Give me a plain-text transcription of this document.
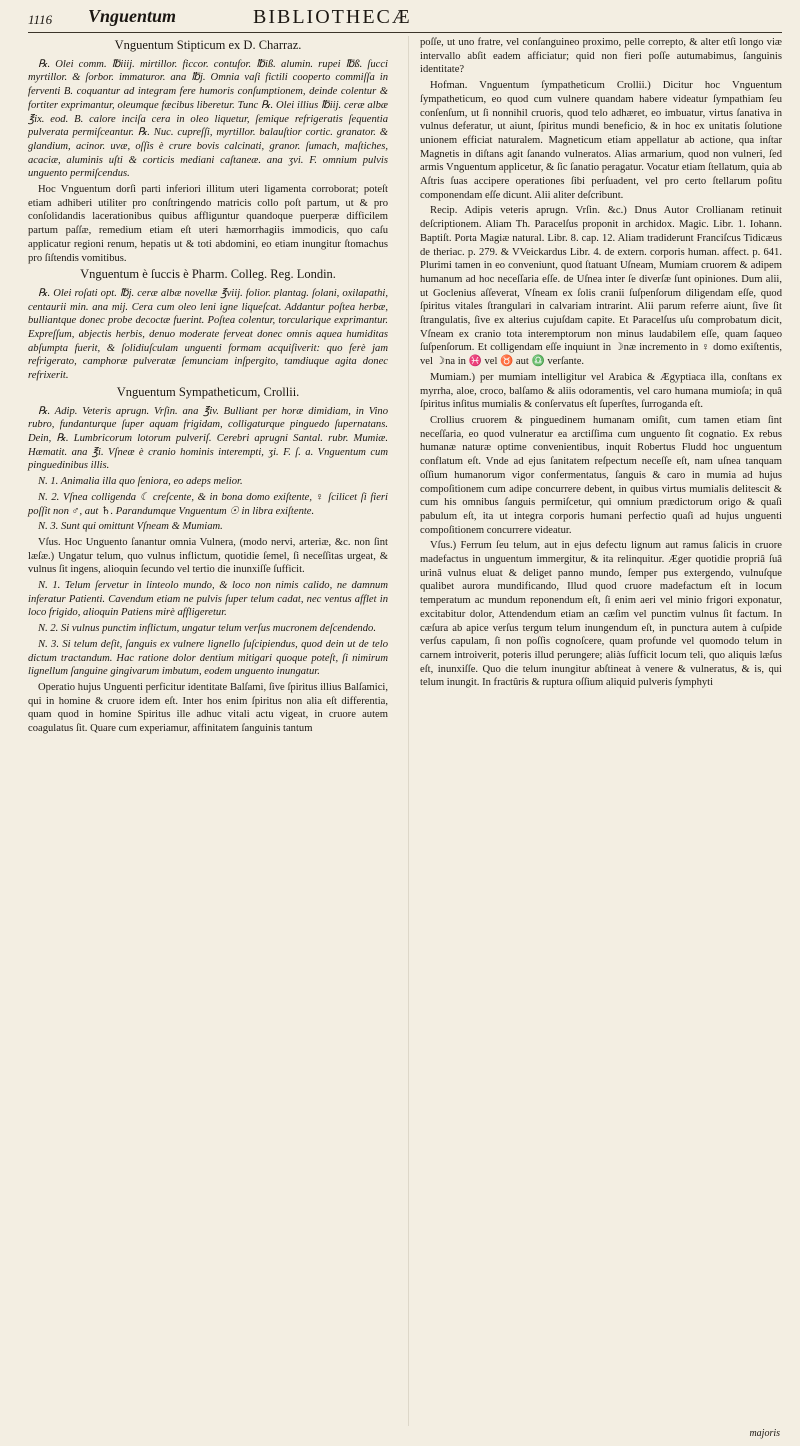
1116 Vnguentum	BIBLIOTHECÆ
Vnguentum Stipticum ex D. Charraz.

℞. Olei comm. ℔iiij. mirtillor. ficcor. contufor. ℔iß. alumin. rupei ℔ß. ſucci myrtillor. & ſorbor. immaturor. ana ℔j. Omnia vaſi fictili cooperto commiſſa in ferventi B. coquantur ad integram fere humoris conſumptionem, deinde colentur & fortiter exprimantur, oleumque fæcibus liberetur. Tunc ℞. Olei illius ℔iij. ceræ albæ ℥ix. eod. B. calore inciſa cera in oleo liquetur, ſemique refrigeratis ſequentia pulverata permiſceantur. ℞. Nuc. cupreſſi, myrtillor. balauſtior cortic. granator. & glandium, acinor. uvæ, oſſis è crure bovis calcinati, granor. ſumach, maſtiches, acaciæ, aluminis uſti & corticis mediani caſtaneæ. ana ʒvi. F. omnium pulvis unguento permiſcendus.

Hoc Vnguentum dorſi parti inferiori illitum uteri ligamenta corroborat; poteſt etiam adhiberi utiliter pro conſtringendo matricis collo poſt partum, ut & pro conſolidandis lacerationibus quibus affliguntur quandoque puerperæ difficilem partum paſſæ, remedium etiam eſt uteri hæmorrhagiis immodicis, quo caſu applicatur regioni renum, hepatis ut & toti abdomini, eo etiam inungitur ſtomachus pro ſiſtendis vomitibus.

Vnguentum è ſuccis è Pharm. Colleg. Reg. Londin.

℞. Olei roſati opt. ℔j. ceræ albæ novellæ ℥viij. folior. plantag. ſolani, oxilapathi, centaurii min. ana mij. Cera cum oleo leni igne liqueſcat. Addantur poſtea herbæ, bulliantque donec probe decoctæ fuerint. Poſtea colentur, torcularique exprimantur. Expreſſum, abjectis herbis, denuo moderate ferveat donec omnis aquea humiditas abſumpta fuerit, & ſolidiuſculam unguenti formam acquiſiverit: quo ferè jam refrigerato, camphoræ pulveratæ ſemunciam inſpergito, tamdiuque agita donec refrixerit.

Vnguentum Sympatheticum, Crollii.

℞. Adip. Veteris aprugn. Vrſin. ana ℥iv. Bulliant per horæ dimidiam, in Vino rubro, fundanturque ſuper aquam frigidam, colligaturque pinguedo ſupernatans. Dein, ℞. Lumbricorum lotorum pulveriſ. Cerebri aprugni Santal. rubr. Mumiæ. Hæmatit. ana ℥i. Vſneæ è cranio hominis interempti, ʒi. F. ſ. a. Vnguentum cum pinguedinibus illis.

N. 1. Animalia illa quo ſeniora, eo adeps melior.

N. 2. Vſnea colligenda ☾ creſcente, & in bona domo exiſtente, ♀ ſcilicet ſi fieri poſſit non ♂, aut ♄. Parandumque Vnguentum ☉ in libra exiſtente.

N. 3. Sunt qui omittunt Vſneam & Mumiam.

Vſus. Hoc Unguento ſanantur omnia Vulnera, (modo nervi, arteriæ, &c. non ſint læſæ.) Ungatur telum, quo vulnus inflictum, quotidie ſemel, ſi neceſſitas urgeat, & vulnus ſit ingens, alioquin ſecundo vel tertio die inunxiſſe ſufficit.

N. 1. Telum ſervetur in linteolo mundo, & loco non nimis calido, ne damnum inferatur Patienti. Cavendum etiam ne pulvis ſuper telum cadat, nec ventus afflet in loco frigido, alioquin Patiens mirè affligeretur.

N. 2. Si vulnus punctim inflictum, ungatur telum verſus mucronem deſcendendo.

N. 3. Si telum deſit, ſanguis ex vulnere lignello ſuſcipiendus, quod dein ut de telo dictum tractandum. Hac ratione dolor dentium mitigari quoque poteſt, ſi nimirum lignellum ſanguine gingivarum imbutum, eodem unguento inungatur.

Operatio hujus Unguenti perficitur identitate Balſami, ſive ſpiritus illius Balſamici, qui in homine & cruore idem eſt. Inter hos enim ſpiritus non alia eſt differentia, quam quod in homine Spiritus ille adhuc vitali actu vigeat, in cruore autem coagulatus ſit. Quare cum experiamur, affinitatem ſanguinis tantum

poſſe, ut uno fratre, vel conſanguineo proximo, pelle correpto, & alter etſi longo viæ intervallo abſit eadem afficiatur; quid non fieri poſſe autumabimus, ſanguinis identitate?

Hofman. Vnguentum ſympatheticum Crollii.) Dicitur hoc Vnguentum ſympatheticum, eo quod cum vulnere quandam habere videatur ſympathiam ſeu conſenſum, ut ſi nonnihil cruoris, quod telo adhæret, eo imbuatur, virtus ſanativa in vulnus deferatur, ut aiunt, ſpiritus mundi beneficio, & in hoc ex unitatis ſolutione unionem efficiat naturalem. Magneticum etiam appellatur ab actione, qua inſtar Magnetis in diſtans agit ſanando vulneratos. Alias armarium, quod non vulneri, ſed armis Vnguentum applicetur, & ſic ſanatio peragatur. Vocatur etiam ſtellatum, quia ab Aſtris ſuas accipere operationes ſibi perſuadent, vel pro certo ſtellarum poſitu componendam eſſe dicunt. Alii aliter deſcribunt.

Recip. Adipis veteris aprugn. Vrſin. &c.) Dnus Autor Crollianam retinuit deſcriptionem. Aliam Th. Paracelſus proponit in archidox. Magic. Libr. 1. Iohann. Baptiſt. Porta Magiæ natural. Libr. 8. cap. 12. Aliam tradiderunt Franciſcus Tidicæus de theriac. p. 279. & VVeickardus Libr. 4. de extern. corporis human. affect. p. 641. Plurimi tamen in eo conveniunt, quod ſtatuant Uſneam, Mumiam cruorem & adipem humanum ad hoc neceſſaria eſſe. de Uſnea inter ſe diverſæ ſunt opiniones. Dum alii, ut Goclenius aſſeverat, Vſneam ex ſolis cranii ſuſpenſorum diligendam eſſe, quod ſpiritus vitales ſtrangulari in calvariam intrarint. Alii parum referre aiunt, ſive ſit ſtrangulatis, ſive ex alterius cujuſdam capite. Et Paracelſus uſu comprobatum dicit, Vſneam ex cranio tota interemptorum non minus laudabilem eſſe, quam ſaqueo ſuſpenſorum. Et colligendam eſſe inquiunt in ☽næ incremento in ♀ domo exiſtentis, vel ☽na in ♓ vel ♉ aut ♎ verſante.

Mumiam.) per mumiam intelligitur vel Arabica & Ægyptiaca illa, conſtans ex myrrha, aloe, croco, balſamo & aliis odoramentis, vel caro humana mumioſa; in quâ ſpiritus inſitus mumialis & conſervatus eſt ſuperſtes, ſurroganda eſt.

Crollius cruorem & pinguedinem humanam omiſit, cum tamen etiam ſint neceſſaria, eo quod vulneratur ea arctiſſima cum unguento ſit cognatio. Ex rebus humanæ naturæ optime convenientibus, inquit Robertus Fludd hoc unguentum conflatum eſt. Vnde ad ejus ſanitatem reſpectum neceſſe eſt, nam uſnea tanquam oſſium humanorum vigor confermentatus, ſanguis & caro in mumia ad hujus compoſitionem cum adipe concurrere debent, in quibus virtus mumialis delitescit & cum his omnibus ſanguis permiſcetur, qui omnium prædictorum origo & quaſi pabulum eſt, ita ut integra corporis humani perfectio quaſi ad hujus unguenti compoſitionem concurrere videatur.

Vſus.) Ferrum ſeu telum, aut in ejus defectu lignum aut ramus ſalicis in cruore madefactus in unguentum immergitur, & ita relinquitur. Æger quotidie propriâ ſuâ urinâ vulnus eluat & deliget panno mundo, ſemper pus extergendo, vulnuſque qualibet aurora mundificando, Illud quod cruore madefactum eſt in locum temperatum ac mundum reponendum eſt, ſi enim aeri vel minio frigori exponatur, excitabitur dolor, Attendendum etiam an cæſim vel punctim vulnus ſit factum. In cæſura ab apice verſus tergum telum inungendum eſt, in punctura autem à cuſpide verſus capulam, ſi non poſſis cognoſcere, quam profunde vel quomodo telum in carnem introiverit, poteris illud perungere; aliàs ſufficit locum teli, quo aliquis læſus eſt, inunxiſſe. Quo die telum inungitur abſtineat à venere & vulneratus, & is, qui telum inungit. In fractûris & ruptura oſſium aliquid pulveris ſymphyti

majoris
